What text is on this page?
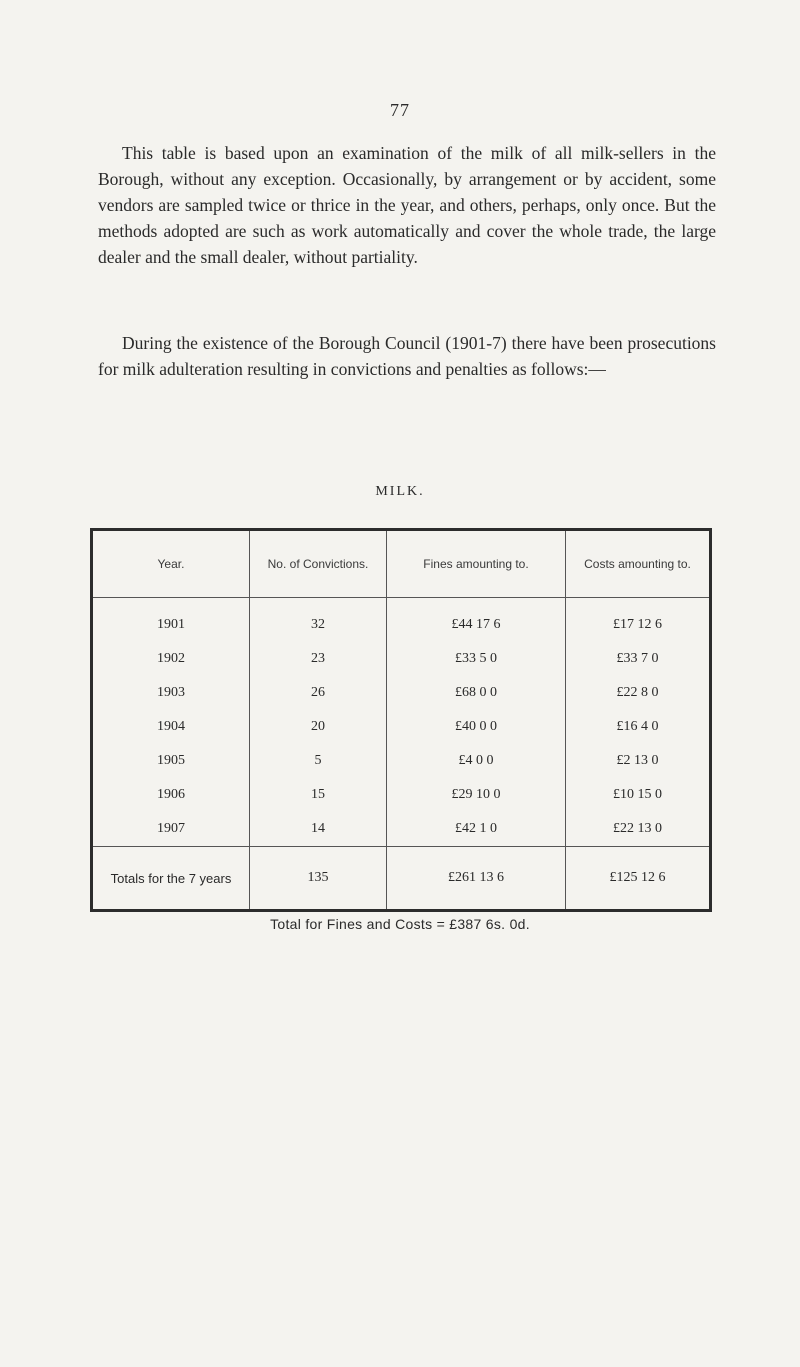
77

This table is based upon an examination of the milk of all milk-sellers in the Borough, without any exception. Occasionally, by arrangement or by accident, some vendors are sampled twice or thrice in the year, and others, perhaps, only once. But the methods adopted are such as work automatically and cover the whole trade, the large dealer and the small dealer, without partiality.

During the existence of the Borough Council (1901-7) there have been prosecutions for milk adulteration resulting in convictions and penalties as follows:—

MILK.
Year.	No. of Convictions.	Fines amounting to.	Costs amounting to.
1901	32	£44 17 6	£17 12 6
1902	23	£33 5 0	£33 7 0
1903	26	£68 0 0	£22 8 0
1904	20	£40 0 0	£16 4 0
1905	5	£4 0 0	£2 13 0
1906	15	£29 10 0	£10 15 0
1907	14	£42 1 0	£22 13 0
Totals for the 7 years	135	£261 13 6	£125 12 6
Total for Fines and Costs = £387 6s. 0d.
